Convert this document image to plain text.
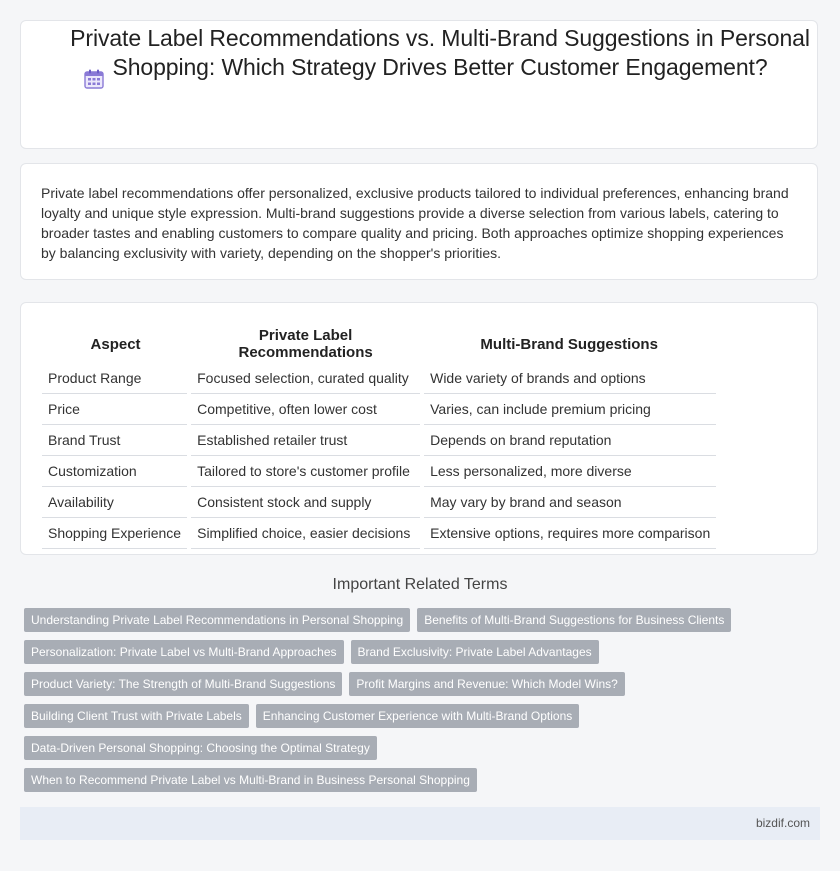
Private Label Recommendations vs. Multi-Brand Suggestions in Personal Shopping: Which Strategy Drives Better Customer Engagement?

Private label recommendations offer personalized, exclusive products tailored to individual preferences, enhancing brand loyalty and unique style expression. Multi-brand suggestions provide a diverse selection from various labels, catering to broader tastes and enabling customers to compare quality and pricing. Both approaches optimize shopping experiences by balancing exclusivity with variety, depending on the shopper's priorities.

Aspect	Private Label Recommendations	Multi-Brand Suggestions
Product Range	Focused selection, curated quality	Wide variety of brands and options
Price	Competitive, often lower cost	Varies, can include premium pricing
Brand Trust	Established retailer trust	Depends on brand reputation
Customization	Tailored to store's customer profile	Less personalized, more diverse
Availability	Consistent stock and supply	May vary by brand and season
Shopping Experience	Simplified choice, easier decisions	Extensive options, requires more comparison
Important Related Terms
Understanding Private Label Recommendations in Personal Shopping	Benefits of Multi-Brand Suggestions for Business Clients
Personalization: Private Label vs Multi-Brand Approaches	Brand Exclusivity: Private Label Advantages
Product Variety: The Strength of Multi-Brand Suggestions	Profit Margins and Revenue: Which Model Wins?
Building Client Trust with Private Labels	Enhancing Customer Experience with Multi-Brand Options
Data-Driven Personal Shopping: Choosing the Optimal Strategy
When to Recommend Private Label vs Multi-Brand in Business Personal Shopping
bizdif.com
